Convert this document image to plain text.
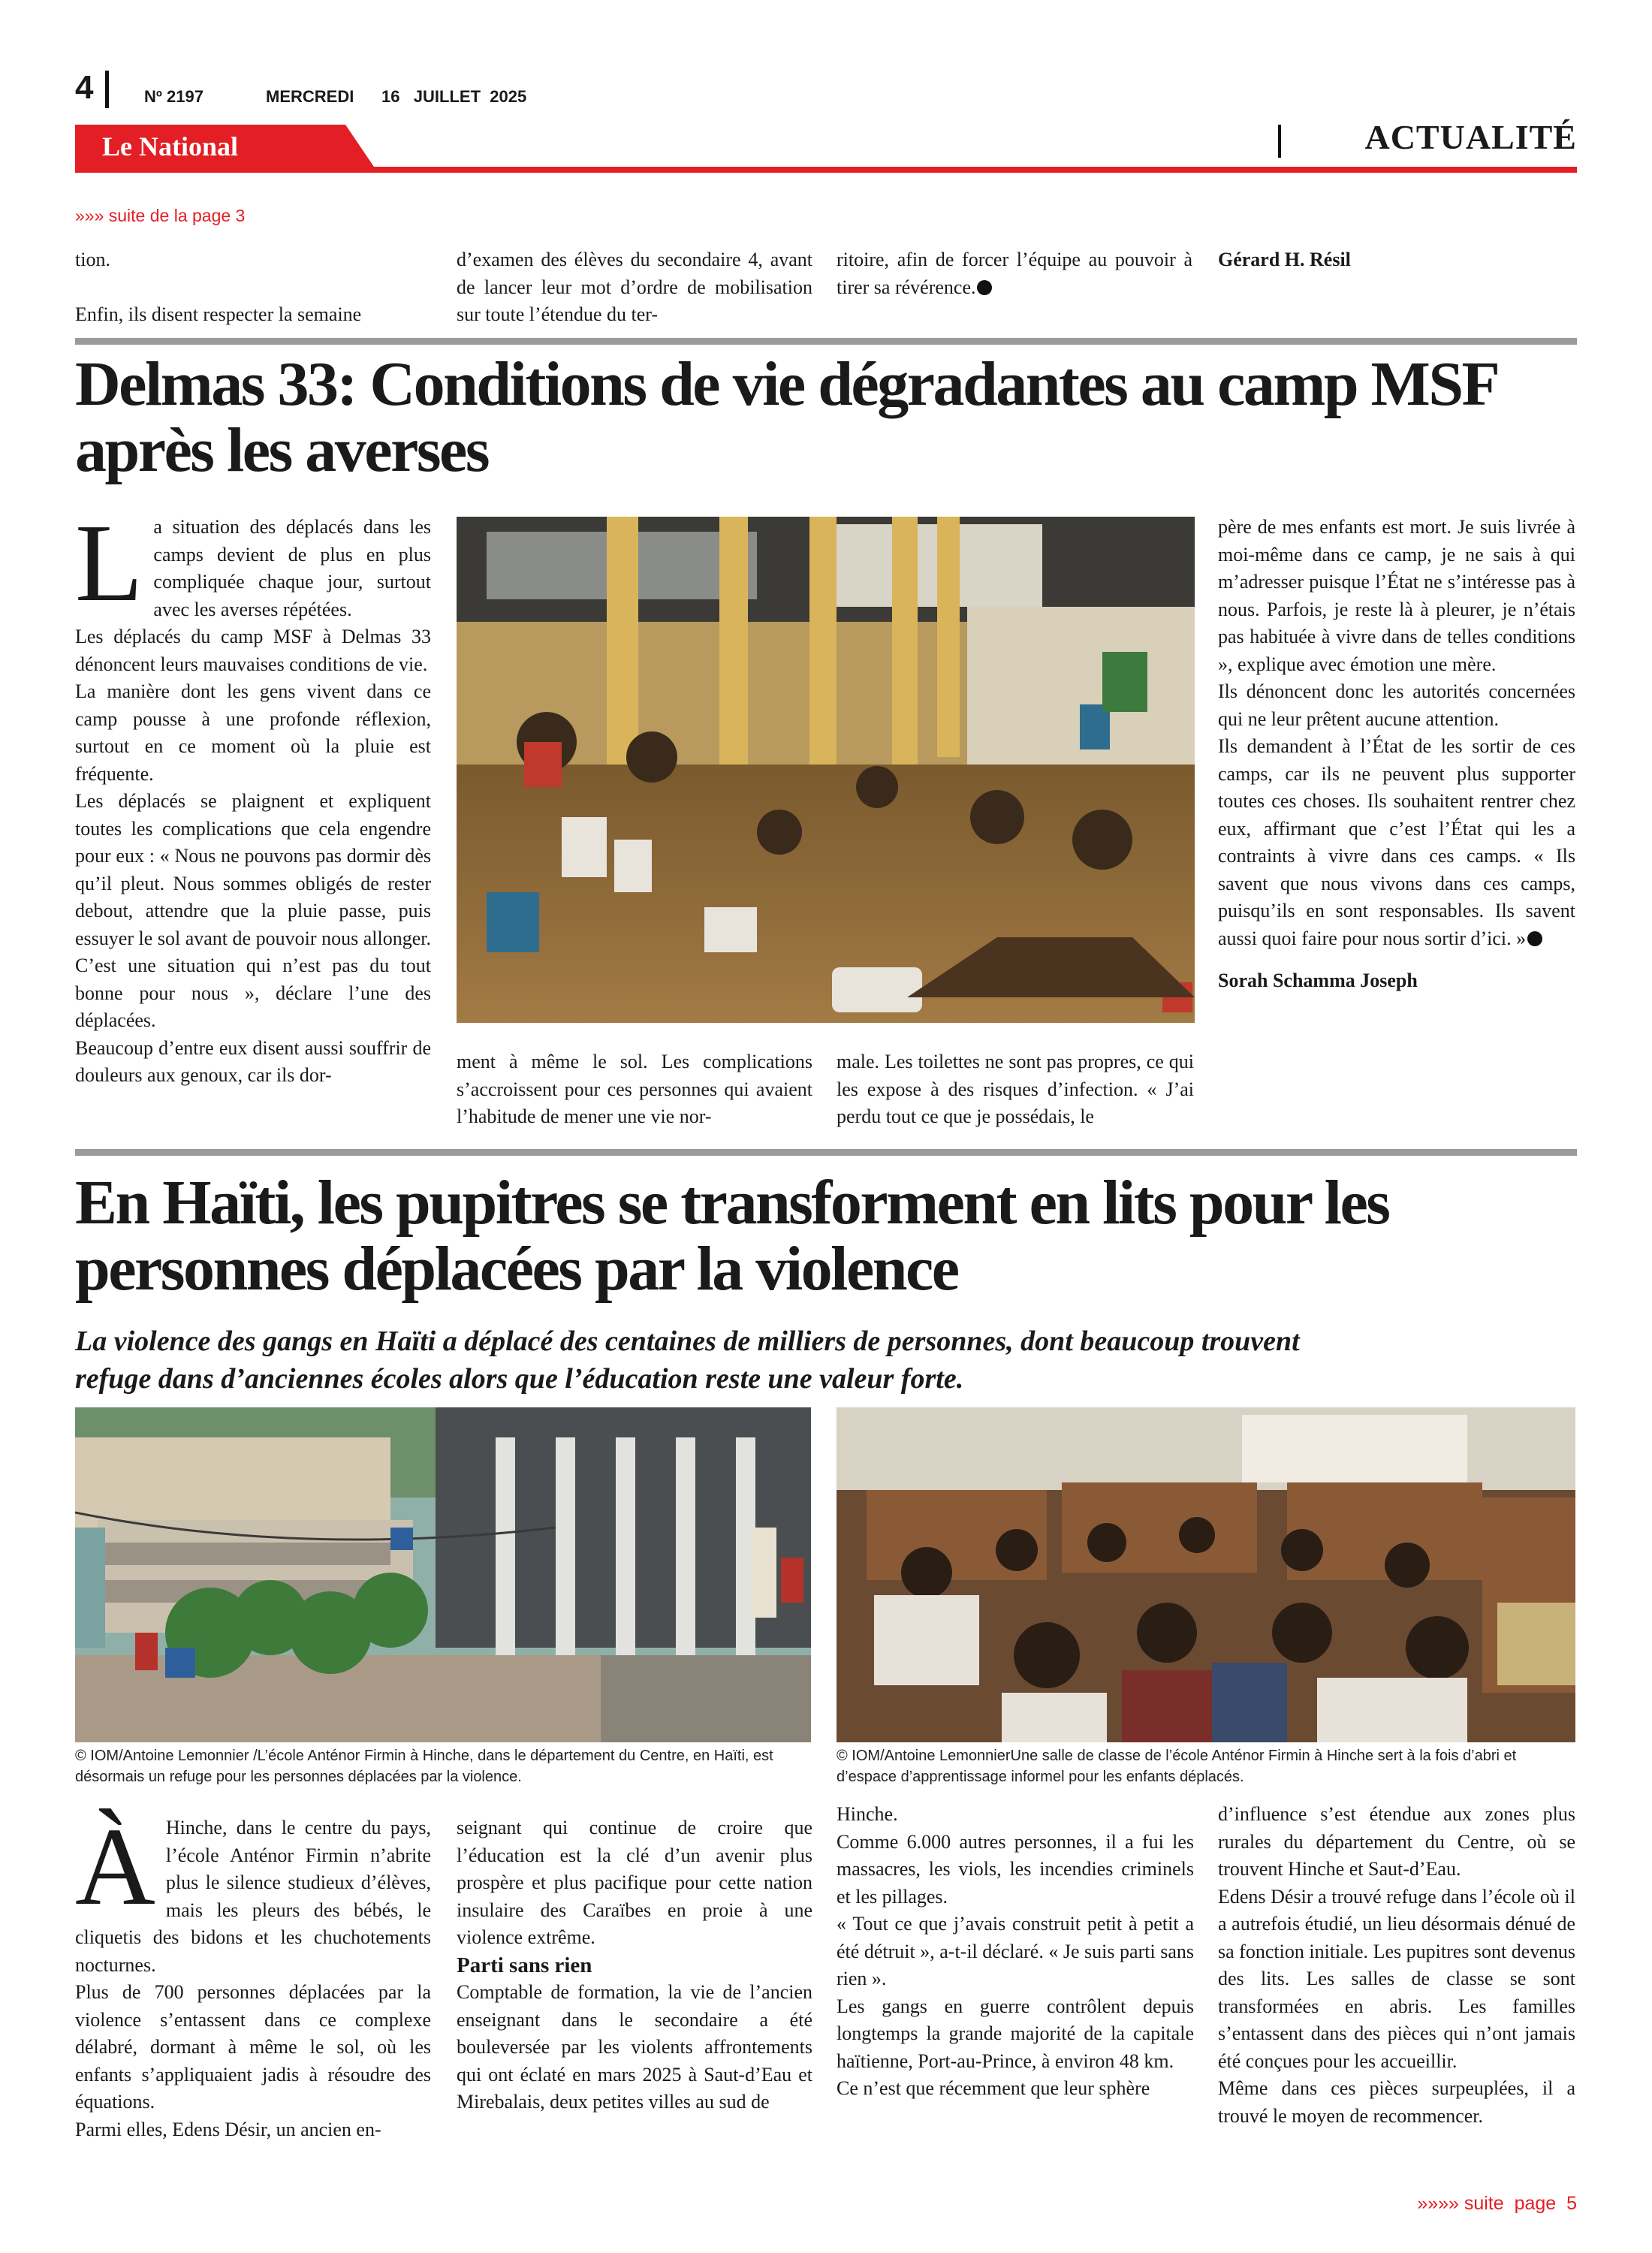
4	Nº 2197	MERCREDI 16   JUILLET  2025
Le National	ACTUALITÉ
»»» suite de la page 3

tion.

Enfin, ils disent respecter la semaine

d’examen des élèves du secondaire 4, avant de lancer leur mot d’ordre de mobilisation sur toute l’étendue du ter-

ritoire, afin de forcer l’équipe au pouvoir à tirer sa révérence.

Gérard H. Résil
Delmas 33: Conditions de vie dégradantes au camp MSF
après les averses

La situation des déplacés dans les camps devient de plus en plus compliquée chaque jour, surtout avec les averses répétées.

Les déplacés du camp MSF à Delmas 33 dénoncent leurs mauvaises conditions de vie.

La manière dont les gens vivent dans ce camp pousse à une profonde réflexion, surtout en ce moment où la pluie est fréquente.

Les déplacés se plaignent et expliquent toutes les complications que cela engendre pour eux : « Nous ne pouvons pas dormir dès qu’il pleut. Nous sommes obligés de rester debout, attendre que la pluie passe, puis essuyer le sol avant de pouvoir nous allonger. C’est une situation qui n’est pas du tout bonne pour nous », déclare l’une des déplacées.

Beaucoup d’entre eux disent aussi souffrir de douleurs aux genoux, car ils dor-

ment à même le sol. Les complications s’accroissent pour ces personnes qui avaient l’habitude de mener une vie nor-

male. Les toilettes ne sont pas propres, ce qui les expose à des risques d’infection. « J’ai perdu tout ce que je possédais, le

père de mes enfants est mort. Je suis livrée à moi-même dans ce camp, je ne sais à qui m’adresser puisque l’État ne s’intéresse pas à nous. Parfois, je reste là à pleurer, je n’étais pas habituée à vivre dans de telles conditions », explique avec émotion une mère.

Ils dénoncent donc les autorités concernées qui ne leur prêtent aucune attention.

Ils demandent à l’État de les sortir de ces camps, car ils ne peuvent plus supporter toutes ces choses. Ils souhaitent rentrer chez eux, affirmant que c’est l’État qui les a contraints à vivre dans ces camps. « Ils savent que nous vivons dans ces camps, puisqu’ils en sont responsables. Ils savent aussi quoi faire pour nous sortir d’ici. »

Sorah Schamma Joseph

En Haïti, les pupitres se transforment en lits pour les
personnes déplacées par la violence
La violence des gangs en Haïti a déplacé des centaines de milliers de personnes, dont beaucoup trouvent
refuge dans d’anciennes écoles alors que l’éducation reste une valeur forte.
© IOM/Antoine Lemonnier /L’école Anténor Firmin à Hinche, dans le département du Centre, en Haïti, est désormais un refuge pour les personnes déplacées par la violence.
© IOM/Antoine LemonnierUne salle de classe de l’école Anténor Firmin à Hinche sert à la fois d’abri et d’espace d’apprentissage informel pour les enfants déplacés.

À Hinche, dans le centre du pays, l’école Anténor Firmin n’abrite plus le silence studieux d’élèves, mais les pleurs des bébés, le cliquetis des bidons et les chuchotements nocturnes.

Plus de 700 personnes déplacées par la violence s’entassent dans ce complexe délabré, dormant à même le sol, où les enfants s’appliquaient jadis à résoudre des équations.

Parmi elles, Edens Désir, un ancien en-

seignant qui continue de croire que l’éducation est la clé d’un avenir plus prospère et plus pacifique pour cette nation insulaire des Caraïbes en proie à une violence extrême.

Parti sans rien

Comptable de formation, la vie de l’ancien enseignant dans le secondaire a été bouleversée par les violents affrontements qui ont éclaté en mars 2025 à Saut-d’Eau et Mirebalais, deux petites villes au sud de

Hinche.

Comme 6.000 autres personnes, il a fui les massacres, les viols, les incendies criminels et les pillages.

« Tout ce que j’avais construit petit à petit a été détruit », a-t-il déclaré. « Je suis parti sans rien ».

Les gangs en guerre contrôlent depuis longtemps la grande majorité de la capitale haïtienne, Port-au-Prince, à environ 48 km.

Ce n’est que récemment que leur sphère

d’influence s’est étendue aux zones plus rurales du département du Centre, où se trouvent Hinche et Saut-d’Eau.

Edens Désir a trouvé refuge dans l’école où il a autrefois étudié, un lieu désormais dénué de sa fonction initiale. Les pupitres sont devenus des lits. Les salles de classe se sont transformées en abris. Les familles s’entassent dans des pièces qui n’ont jamais été conçues pour les accueillir.

Même dans ces pièces surpeuplées, il a trouvé le moyen de recommencer.

»»»» suite  page  5
